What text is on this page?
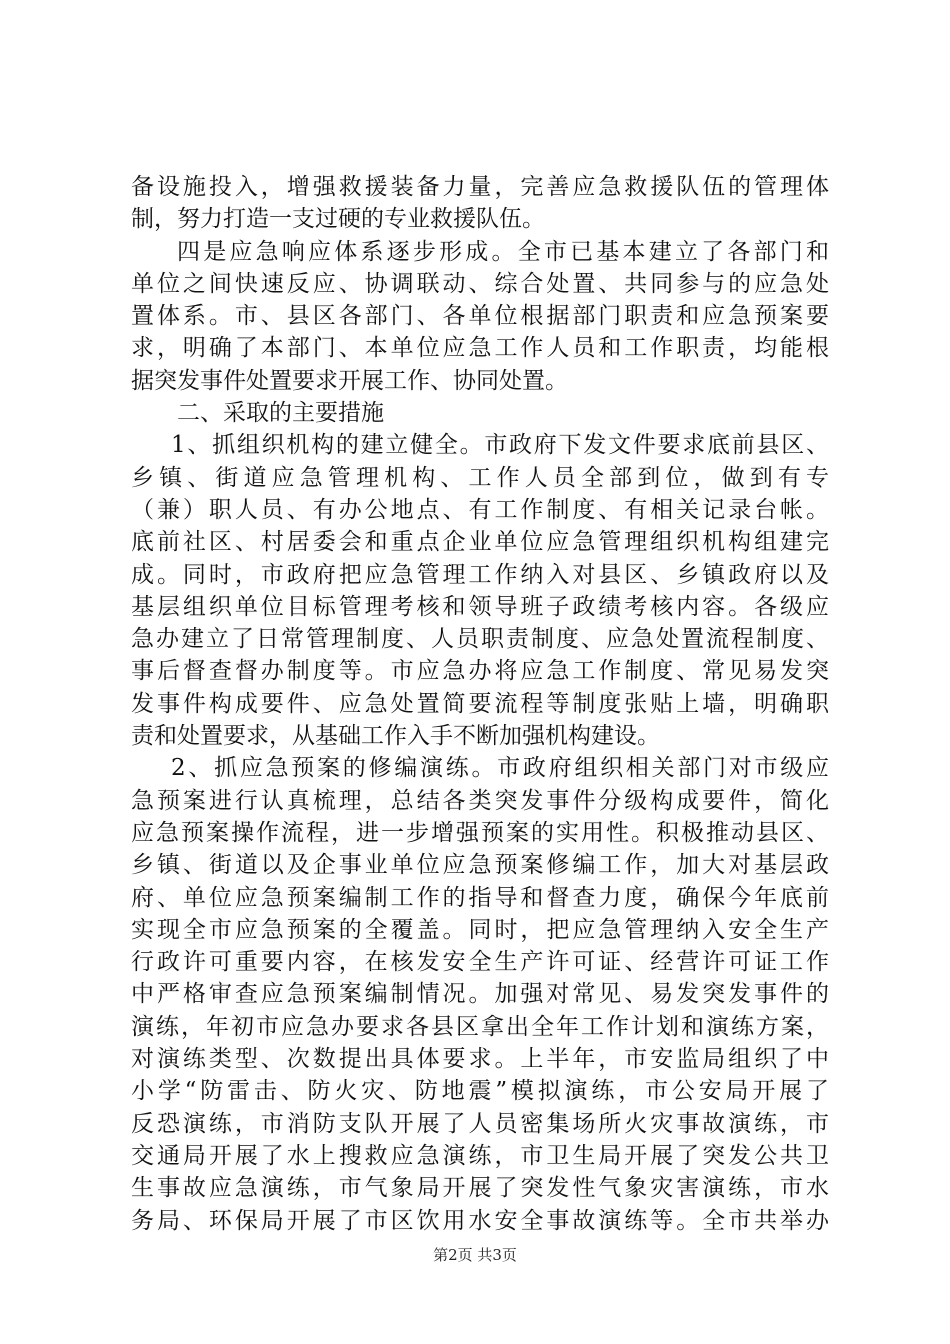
备设施投入，增强救援装备力量，完善应急救援队伍的管理体
制，努力打造一支过硬的专业救援队伍。
四是应急响应体系逐步形成。全市已基本建立了各部门和
单位之间快速反应、协调联动、综合处置、共同参与的应急处
置体系。市、县区各部门、各单位根据部门职责和应急预案要
求，明确了本部门、本单位应急工作人员和工作职责，均能根
据突发事件处置要求开展工作、协同处置。
二、采取的主要措施
1、抓组织机构的建立健全。市政府下发文件要求底前县区、
乡镇、街道应急管理机构、工作人员全部到位，做到有专
（兼）职人员、有办公地点、有工作制度、有相关记录台帐。
底前社区、村居委会和重点企业单位应急管理组织机构组建完
成。同时，市政府把应急管理工作纳入对县区、乡镇政府以及
基层组织单位目标管理考核和领导班子政绩考核内容。各级应
急办建立了日常管理制度、人员职责制度、应急处置流程制度、
事后督查督办制度等。市应急办将应急工作制度、常见易发突
发事件构成要件、应急处置简要流程等制度张贴上墙，明确职
责和处置要求，从基础工作入手不断加强机构建设。
2、抓应急预案的修编演练。市政府组织相关部门对市级应
急预案进行认真梳理，总结各类突发事件分级构成要件，简化
应急预案操作流程，进一步增强预案的实用性。积极推动县区、
乡镇、街道以及企事业单位应急预案修编工作，加大对基层政
府、单位应急预案编制工作的指导和督查力度，确保今年底前
实现全市应急预案的全覆盖。同时，把应急管理纳入安全生产
行政许可重要内容，在核发安全生产许可证、经营许可证工作
中严格审查应急预案编制情况。加强对常见、易发突发事件的
演练，年初市应急办要求各县区拿出全年工作计划和演练方案，
对演练类型、次数提出具体要求。上半年，市安监局组织了中
小学“防雷击、防火灾、防地震”模拟演练，市公安局开展了
反恐演练，市消防支队开展了人员密集场所火灾事故演练，市
交通局开展了水上搜救应急演练，市卫生局开展了突发公共卫
生事故应急演练，市气象局开展了突发性气象灾害演练，市水
务局、环保局开展了市区饮用水安全事故演练等。全市共举办
第2页 共3页
